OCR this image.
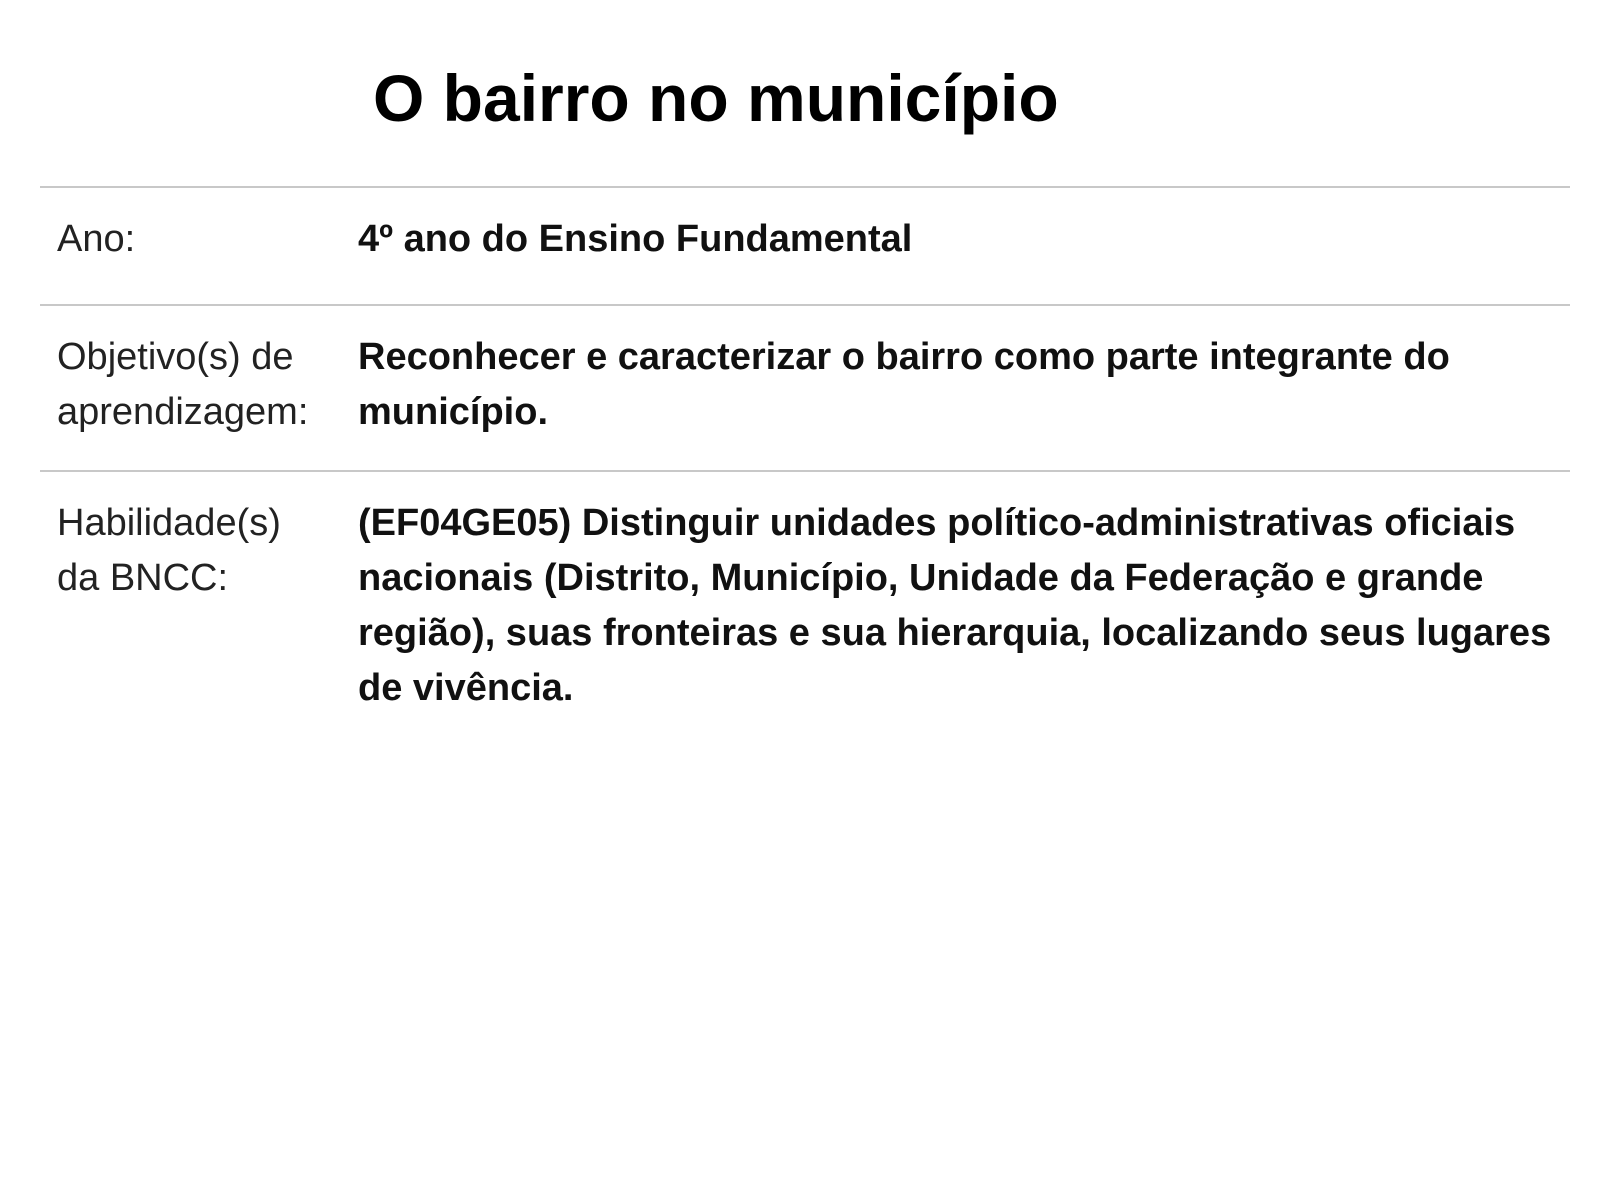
O bairro no município
Ano:	4º ano do Ensino Fundamental
Objetivo(s) de
aprendizagem:
Reconhecer e caracterizar o bairro como parte integrante do município.
Habilidade(s)
da BNCC:
(EF04GE05) Distinguir unidades político-administrativas oficiais nacionais (Distrito, Município, Unidade da Federação e grande região), suas fronteiras e sua hierarquia, localizando seus lugares de vivência.
